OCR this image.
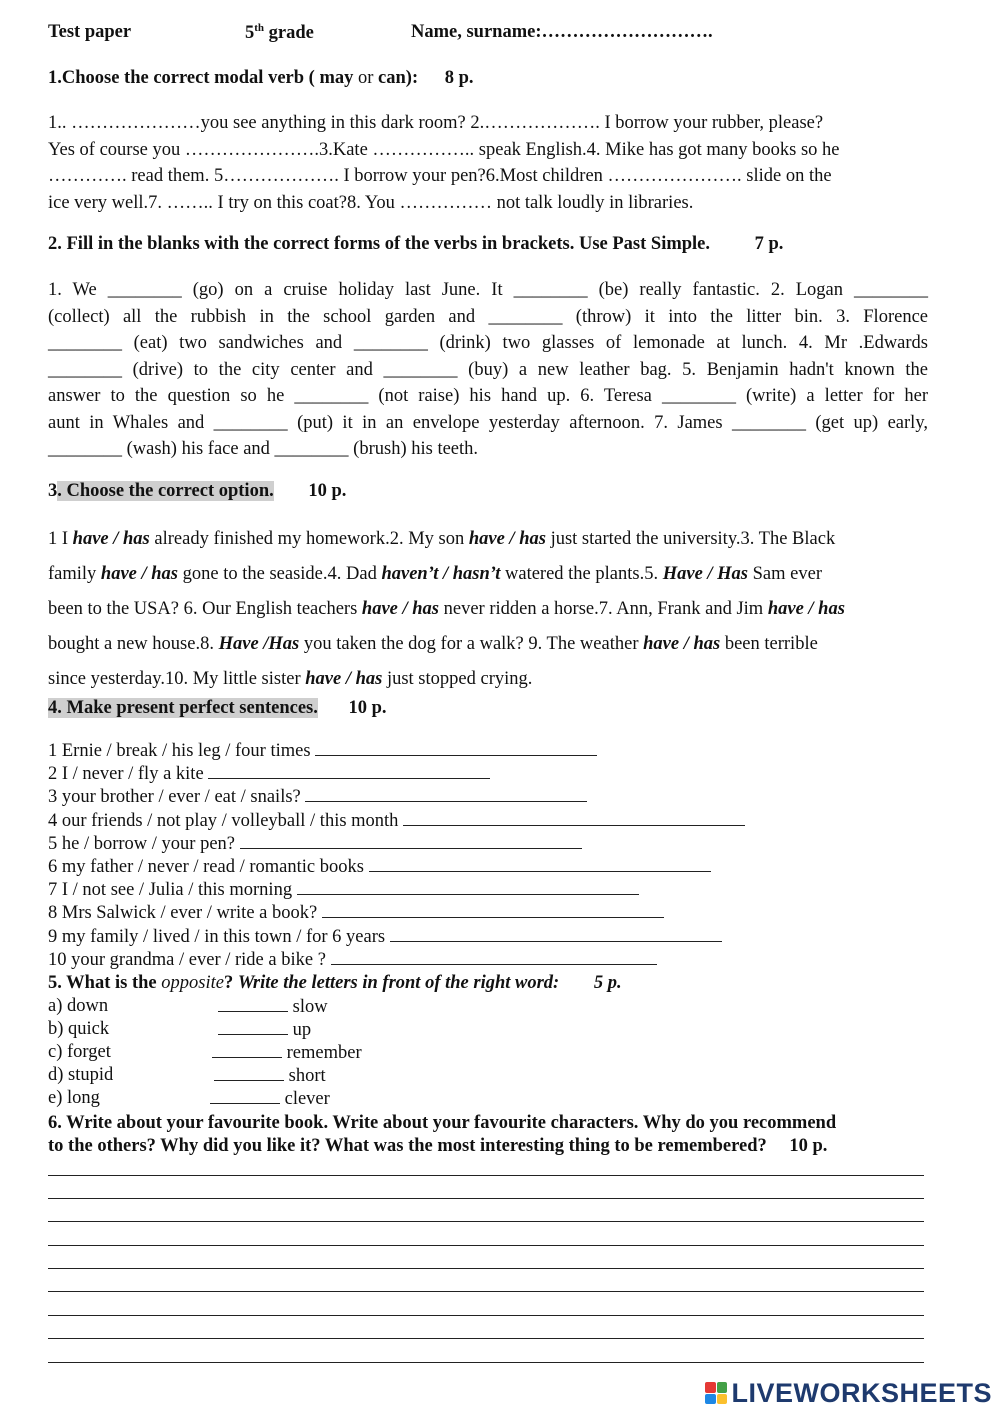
Test paper	5th grade	Name, surname:……………………….
1.Choose the correct modal verb ( may or can): 8 p.
1.. …………………you see anything in this dark room? 2.………………. I borrow your rubber, please?
Yes of course you ………………….3.Kate …………….. speak English.4. Mike has got many books so he
…………. read them. 5………………. I borrow your pen?6.Most children …………………. slide on the
ice very well.7. …….. I try on this coat?8. You …………… not talk loudly in libraries.
2. Fill in the blanks with the correct forms of the verbs in brackets. Use Past Simple. 7 p.
1. We ________ (go) on a cruise holiday last June. It ________ (be) really fantastic. 2. Logan ________
(collect) all the rubbish in the school garden and ________ (throw) it into the litter bin. 3. Florence
________ (eat) two sandwiches and ________ (drink) two glasses of lemonade at lunch. 4. Mr .Edwards
________ (drive) to the city center and ________ (buy) a new leather bag. 5. Benjamin hadn't known the
answer to the question so he ________ (not raise) his hand up. 6. Teresa ________ (write) a letter for her
aunt in Whales and ________ (put) it in an envelope yesterday afternoon. 7. James ________ (get up) early,
________ (wash) his face and ________ (brush) his teeth.
3. Choose the correct option. 10 p.
1 I have / has already finished my homework.2. My son have / has just started the university.3. The Black
family have / has gone to the seaside.4. Dad haven’t / hasn’t watered the plants.5. Have / Has Sam ever
been to the USA? 6. Our English teachers have / has never ridden a horse.7. Ann, Frank and Jim have / has
bought a new house.8. Have /Has you taken the dog for a walk? 9. The weather have / has been terrible
since yesterday.10. My little sister have / has just stopped crying.
4. Make present perfect sentences. 10 p.
1 Ernie / break / his leg / four times
2 I / never / fly a kite
3 your brother / ever / eat / snails?
4 our friends / not play / volleyball / this month
5 he / borrow / your pen?
6 my father / never / read / romantic books
7 I / not see / Julia / this morning
8 Mrs Salwick / ever / write a book?
9 my family / lived / in this town / for 6 years
10 your grandma / ever / ride a bike ?
5. What is the opposite? Write the letters in front of the right word: 5 p.
a) down	slow
b) quick	up
c) forget	remember
d) stupid	short
e) long	clever
6. Write about your favourite book. Write about your favourite characters. Why do you recommend
to the others? Why did you like it? What was the most interesting thing to be remembered? 10 p.
LIVEWORKSHEETS
